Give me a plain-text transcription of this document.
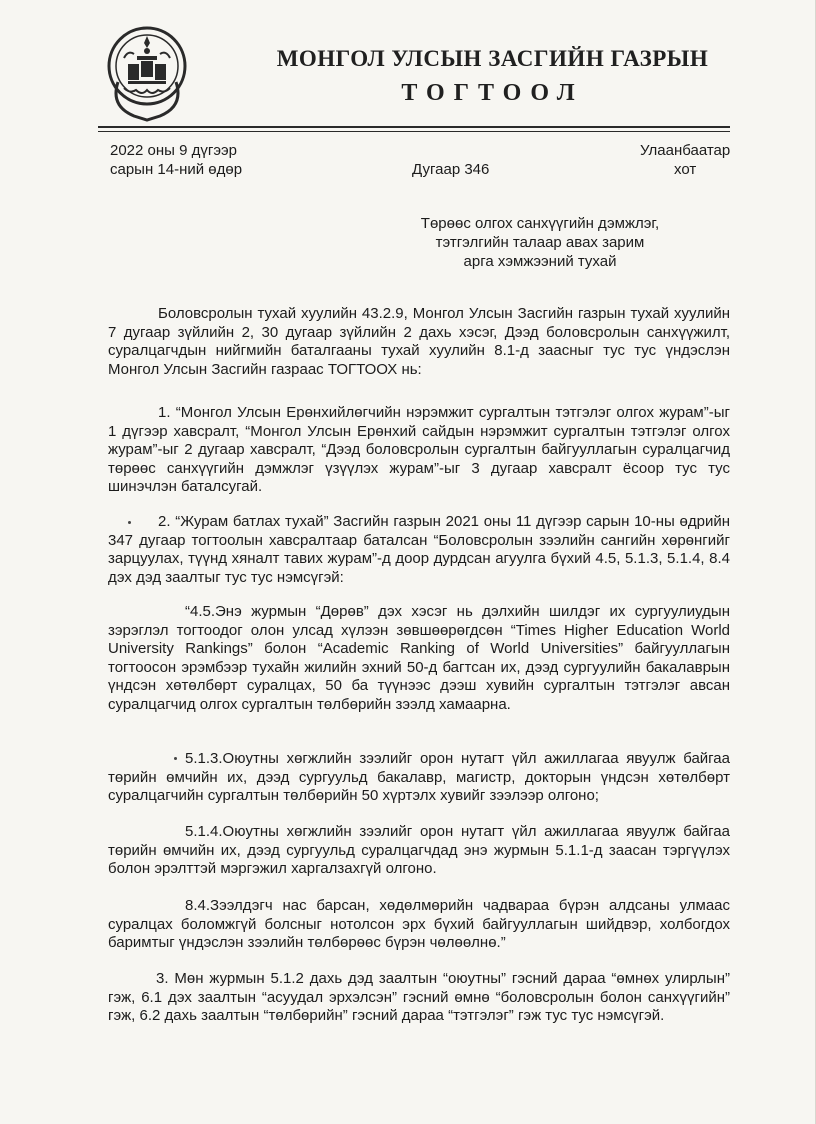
МОНГОЛ УЛСЫН ЗАСГИЙН ГАЗРЫН
ТОГТООЛ
2022 оны 9 дүгээр
сарын 14-ний өдөр	Дугаар 346
Улаанбаатар
хот
Төрөөс олгох санхүүгийн дэмжлэг,
тэтгэлгийн талаар авах зарим
арга хэмжээний тухай

Боловсролын тухай хуулийн 43.2.9, Монгол Улсын Засгийн газрын тухай хуулийн 7 дугаар зүйлийн 2, 30 дугаар зүйлийн 2 дахь хэсэг, Дээд боловсролын санхүүжилт, суралцагчдын нийгмийн баталгааны тухай хуулийн 8.1-д заасныг тус тус үндэслэн Монгол Улсын Засгийн газраас ТОГТООХ нь:

1. “Монгол Улсын Ерөнхийлөгчийн нэрэмжит сургалтын тэтгэлэг олгох журам”-ыг 1 дүгээр хавсралт, “Монгол Улсын Ерөнхий сайдын нэрэмжит сургалтын тэтгэлэг олгох журам”-ыг 2 дугаар хавсралт, “Дээд боловсролын сургалтын байгууллагын суралцагчид төрөөс санхүүгийн дэмжлэг үзүүлэх журам”-ыг 3 дугаар хавсралт ёсоор тус тус шинэчлэн баталсугай.

2. “Журам батлах тухай” Засгийн газрын 2021 оны 11 дүгээр сарын 10-ны өдрийн 347 дугаар тогтоолын хавсралтаар баталсан “Боловсролын зээлийн сангийн хөрөнгийг зарцуулах, түүнд хяналт тавих журам”-д доор дурдсан агуулга бүхий 4.5, 5.1.3, 5.1.4, 8.4 дэх дэд заалтыг тус тус нэмсүгэй:

“4.5.Энэ журмын “Дөрөв” дэх хэсэг нь дэлхийн шилдэг их сургуулиудын зэрэглэл тогтоодог олон улсад хүлээн зөвшөөрөгдсөн “Times Higher Education World University Rankings” болон “Academic Ranking of World Universities” байгууллагын тогтоосон эрэмбээр тухайн жилийн эхний 50-д багтсан их, дээд сургуулийн бакалаврын үндсэн хөтөлбөрт суралцах, 50 ба түүнээс дээш хувийн сургалтын тэтгэлэг авсан суралцагчид олгох сургалтын төлбөрийн зээлд хамаарна.

5.1.3.Оюутны хөгжлийн зээлийг орон нутагт үйл ажиллагаа явуулж байгаа төрийн өмчийн их, дээд сургуульд бакалавр, магистр, докторын үндсэн хөтөлбөрт суралцагчийн сургалтын төлбөрийн 50 хүртэлх хувийг зээлээр олгоно;

5.1.4.Оюутны хөгжлийн зээлийг орон нутагт үйл ажиллагаа явуулж байгаа төрийн өмчийн их, дээд сургуульд суралцагчдад энэ журмын 5.1.1-д заасан тэргүүлэх болон эрэлттэй мэргэжил харгалзахгүй олгоно.

8.4.Зээлдэгч нас барсан, хөдөлмөрийн чадвараа бүрэн алдсаны улмаас суралцах боломжгүй болсныг нотолсон эрх бүхий байгууллагын шийдвэр, холбогдох баримтыг үндэслэн зээлийн төлбөрөөс бүрэн чөлөөлнө.”

3. Мөн журмын 5.1.2 дахь дэд заалтын “оюутны” гэсний дараа “өмнөх улирлын” гэж, 6.1 дэх заалтын “асуудал эрхэлсэн” гэсний өмнө “боловсролын болон санхүүгийн” гэж, 6.2 дахь заалтын “төлбөрийн” гэсний дараа “тэтгэлэг” гэж тус тус нэмсүгэй.
